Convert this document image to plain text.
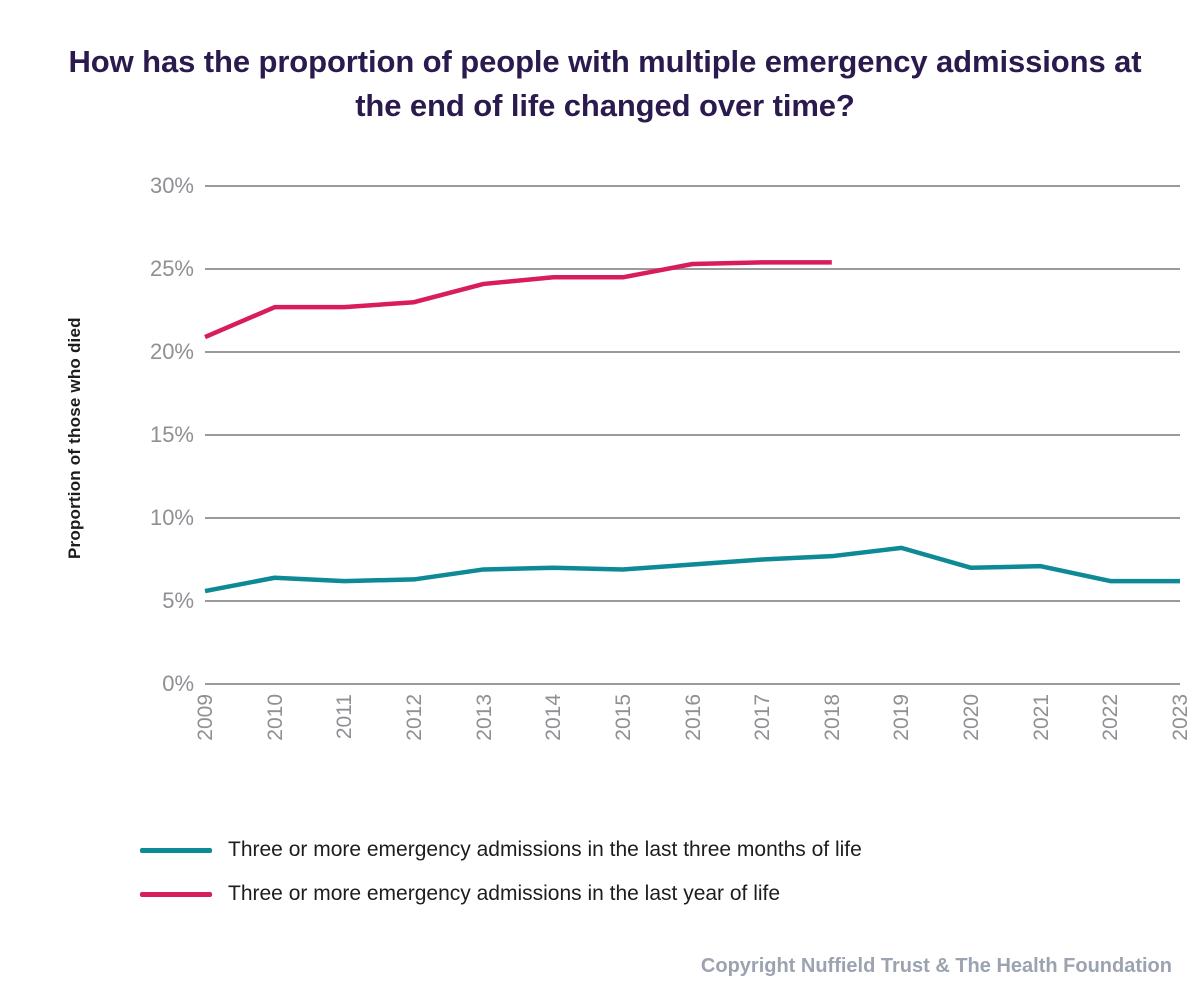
How has the proportion of people with multiple emergency admissions at the end of life changed over time?
Proportion of those who died
0%
5%
10%
15%
20%
25%
30%
2009 2010 2011 2012 2013 2014 2015 2016 2017 2018 2019 2020 2021 2022 2023
Three or more emergency admissions in the last three months of life
Three or more emergency admissions in the last year of life
Copyright Nuffield Trust & The Health Foundation
